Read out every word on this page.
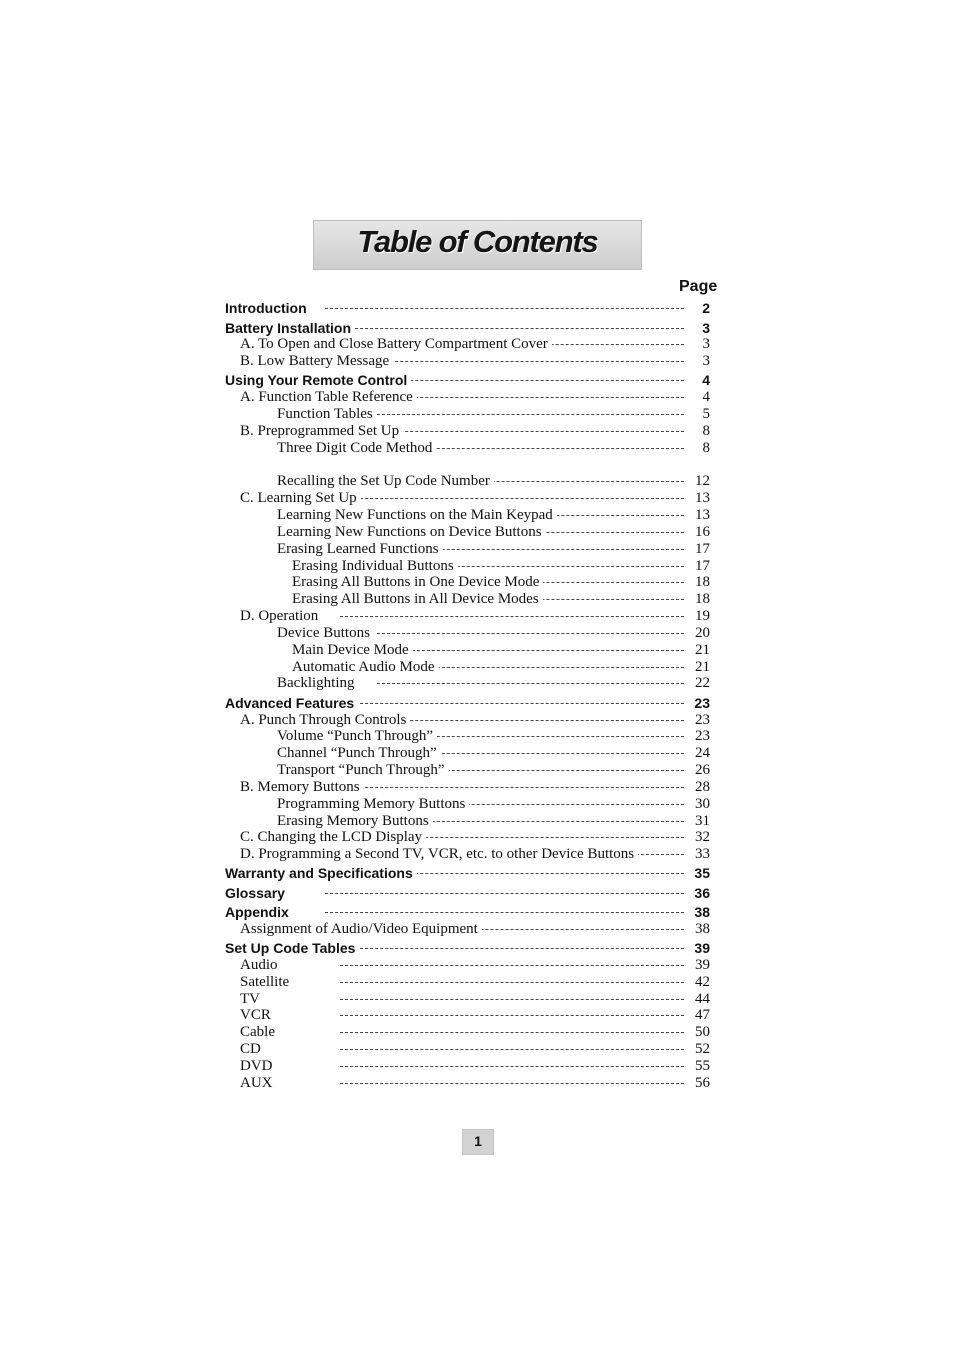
Table of Contents
Page
Introduction	2
Battery Installation	3
A. To Open and Close Battery Compartment Cover	3
B. Low Battery Message	3
Using Your Remote Control	4
A. Function Table Reference	4
Function Tables	5
B. Preprogrammed Set Up	8
Three Digit Code Method	8
Recalling the Set Up Code Number	12
C. Learning Set Up	13
Learning New Functions on the Main Keypad	13
Learning New Functions on Device Buttons	16
Erasing Learned Functions	17
Erasing Individual Buttons	17
Erasing All Buttons in One Device Mode	18
Erasing All Buttons in All Device Modes	18
D. Operation	19
Device Buttons	20
Main Device Mode	21
Automatic Audio Mode	21
Backlighting	22
Advanced Features	23
A. Punch Through Controls	23
Volume “Punch Through”	23
Channel “Punch Through”	24
Transport “Punch Through”	26
B. Memory Buttons	28
Programming Memory Buttons	30
Erasing Memory Buttons	31
C. Changing the LCD Display	32
D. Programming a Second TV, VCR, etc. to other Device Buttons	33
Warranty and Specifications	35
Glossary	36
Appendix	38
Assignment of Audio/Video Equipment	38
Set Up Code Tables	39
Audio	39
Satellite	42
TV	44
VCR	47
Cable	50
CD	52
DVD	55
AUX	56
1
